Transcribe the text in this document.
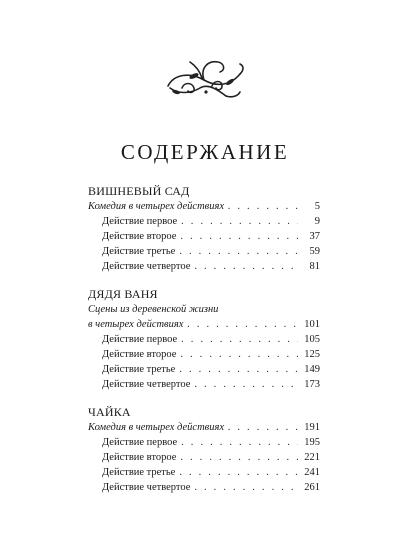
СОДЕРЖАНИЕ
ВИШНЕВЫЙ САД
Комедия в четырех действиях . . .	5
Действие первое . . .	9
Действие второе . . .	37
Действие третье . . .	59
Действие четвертое . . .	81
ДЯДЯ ВАНЯ
Сцены из деревенской жизни
в четырех действиях . . .	101
Действие первое . . .	105
Действие второе . . .	125
Действие третье . . .	149
Действие четвертое . . .	173
ЧАЙКА
Комедия в четырех действиях . . .	191
Действие первое . . .	195
Действие второе . . .	221
Действие третье . . .	241
Действие четвертое . . .	261
